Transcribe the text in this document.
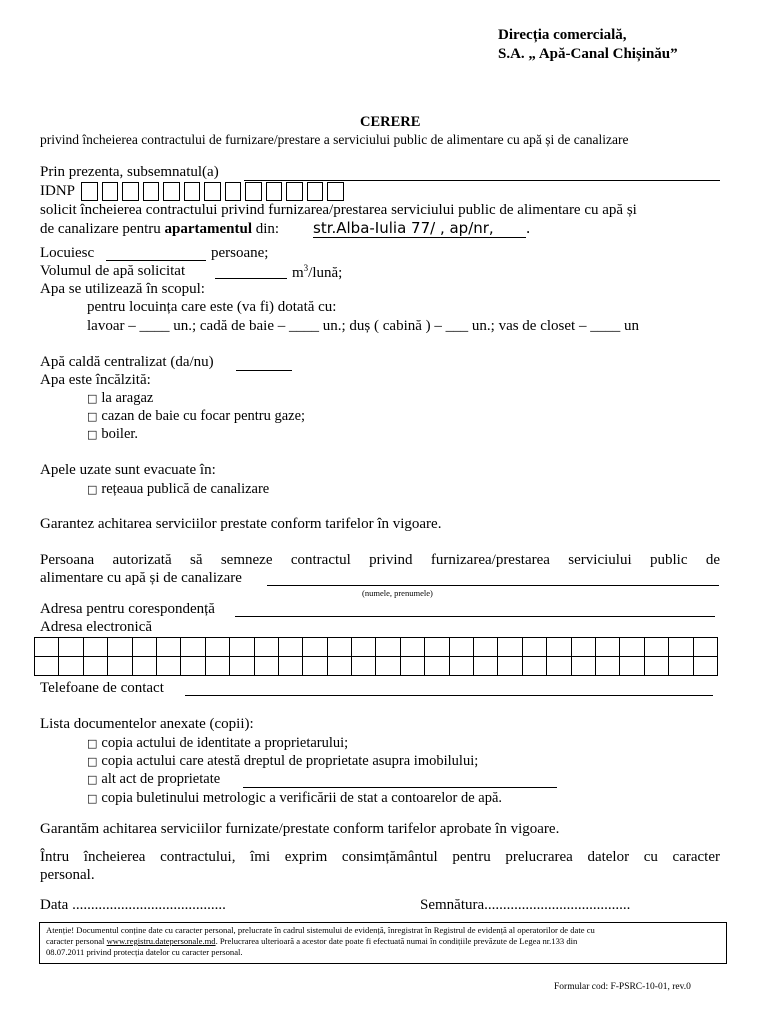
Direcția comercială,
S.A. „ Apă-Canal Chișinău”
CERERE
privind încheierea contractului de furnizare/prestare a serviciului public de alimentare cu apă și de canalizare
Prin prezenta, subsemnatul(a)
IDNP
solicit încheierea contractului privind furnizarea/prestarea serviciului public de alimentare cu apă și
de canalizare pentru apartamentul din: str.Alba-Iulia 77/ , ap/nr, .
Locuiesc	persoane;
Volumul de apă solicitat	$m^3$/lună;
Apa se utilizează în scopul:
pentru locuința care este (va fi) dotată cu:
lavoar – ____ un.; cadă de baie – ____ un.; duș ( cabină ) – ___ un.; vas de closet – ____ un
Apă caldă centralizat (da/nu)
Apa este încălzită:
□ la aragaz
□ cazan de baie cu focar pentru gaze;
□ boiler.
Apele uzate sunt evacuate în:
□ rețeaua publică de canalizare
Garantez achitarea serviciilor prestate conform tarifelor în vigoare.
Persoana autorizată să semneze contractul privind furnizarea/prestarea serviciului public de
alimentare cu apă și de canalizare
(numele, prenumele)
Adresa pentru corespondență
Adresa electronică

Telefoane de contact
Lista documentelor anexate (copii):
□ copia actului de identitate a proprietarului;
□ copia actului care atestă dreptul de proprietate asupra imobilului;
□ alt act de proprietate
□ copia buletinului metrologic a verificării de stat a contoarelor de apă.
Garantăm achitarea serviciilor furnizate/prestate conform tarifelor aprobate în vigoare.
Întru încheierea contractului, îmi exprim consimțământul pentru prelucrarea datelor cu caracter
personal.
Data .........................................	Semnătura.......................................
Atenție! Documentul conține date cu caracter personal, prelucrate în cadrul sistemului de evidență, înregistrat în Registrul de evidență al operatorilor de date cu
caracter personal www.registru.datepersonale.md. Prelucrarea ulterioară a acestor date poate fi efectuată numai în condițiile prevăzute de Legea nr.133 din
08.07.2011 privind protecția datelor cu caracter personal.
Formular cod: F-PSRC-10-01, rev.0
